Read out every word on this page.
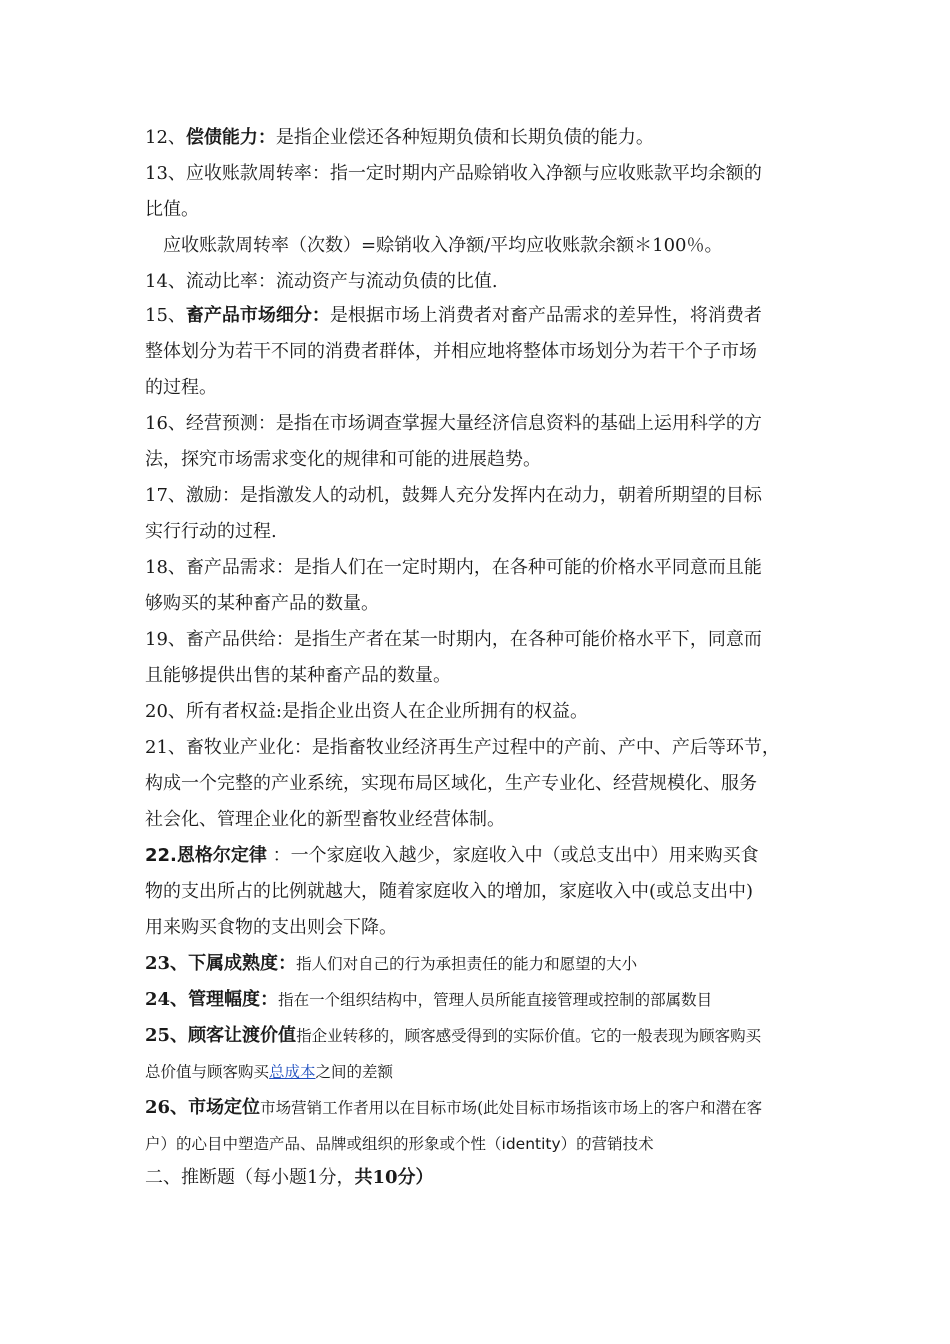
12、偿债能力：是指企业偿还各种短期负债和长期负债的能力。
13、应收账款周转率：指一定时期内产品赊销收入净额与应收账款平均余额的
比值。
应收账款周转率（次数）=赊销收入净额/平均应收账款余额＊100％。
14、流动比率：流动资产与流动负债的比值.
15、畜产品市场细分：是根据市场上消费者对畜产品需求的差异性，将消费者
整体划分为若干不同的消费者群体，并相应地将整体市场划分为若干个子市场
的过程。
16、经营预测：是指在市场调查掌握大量经济信息资料的基础上运用科学的方
法，探究市场需求变化的规律和可能的进展趋势。
17、激励：是指激发人的动机，鼓舞人充分发挥内在动力，朝着所期望的目标
实行行动的过程.
18、畜产品需求：是指人们在一定时期内，在各种可能的价格水平同意而且能
够购买的某种畜产品的数量。
19、畜产品供给：是指生产者在某一时期内，在各种可能价格水平下，同意而
且能够提供出售的某种畜产品的数量。
20、所有者权益:是指企业出资人在企业所拥有的权益。
21、畜牧业产业化：是指畜牧业经济再生产过程中的产前、产中、产后等环节，
构成一个完整的产业系统，实现布局区域化，生产专业化、经营规模化、服务
社会化、管理企业化的新型畜牧业经营体制。
22.恩格尔定律 ：一个家庭收入越少，家庭收入中（或总支出中）用来购买食
物的支出所占的比例就越大，随着家庭收入的增加，家庭收入中(或总支出中)
用来购买食物的支出则会下降。
23、下属成熟度：指人们对自己的行为承担责任的能力和愿望的大小
24、管理幅度：指在一个组织结构中，管理人员所能直接管理或控制的部属数目
25、顾客让渡价值指企业转移的，顾客感受得到的实际价值。它的一般表现为顾客购买
总价值与顾客购买总成本之间的差额
26、市场定位市场营销工作者用以在目标市场(此处目标市场指该市场上的客户和潜在客
户）的心目中塑造产品、品牌或组织的形象或个性（identity）的营销技术
二、推断题（每小题1分，共10分）
